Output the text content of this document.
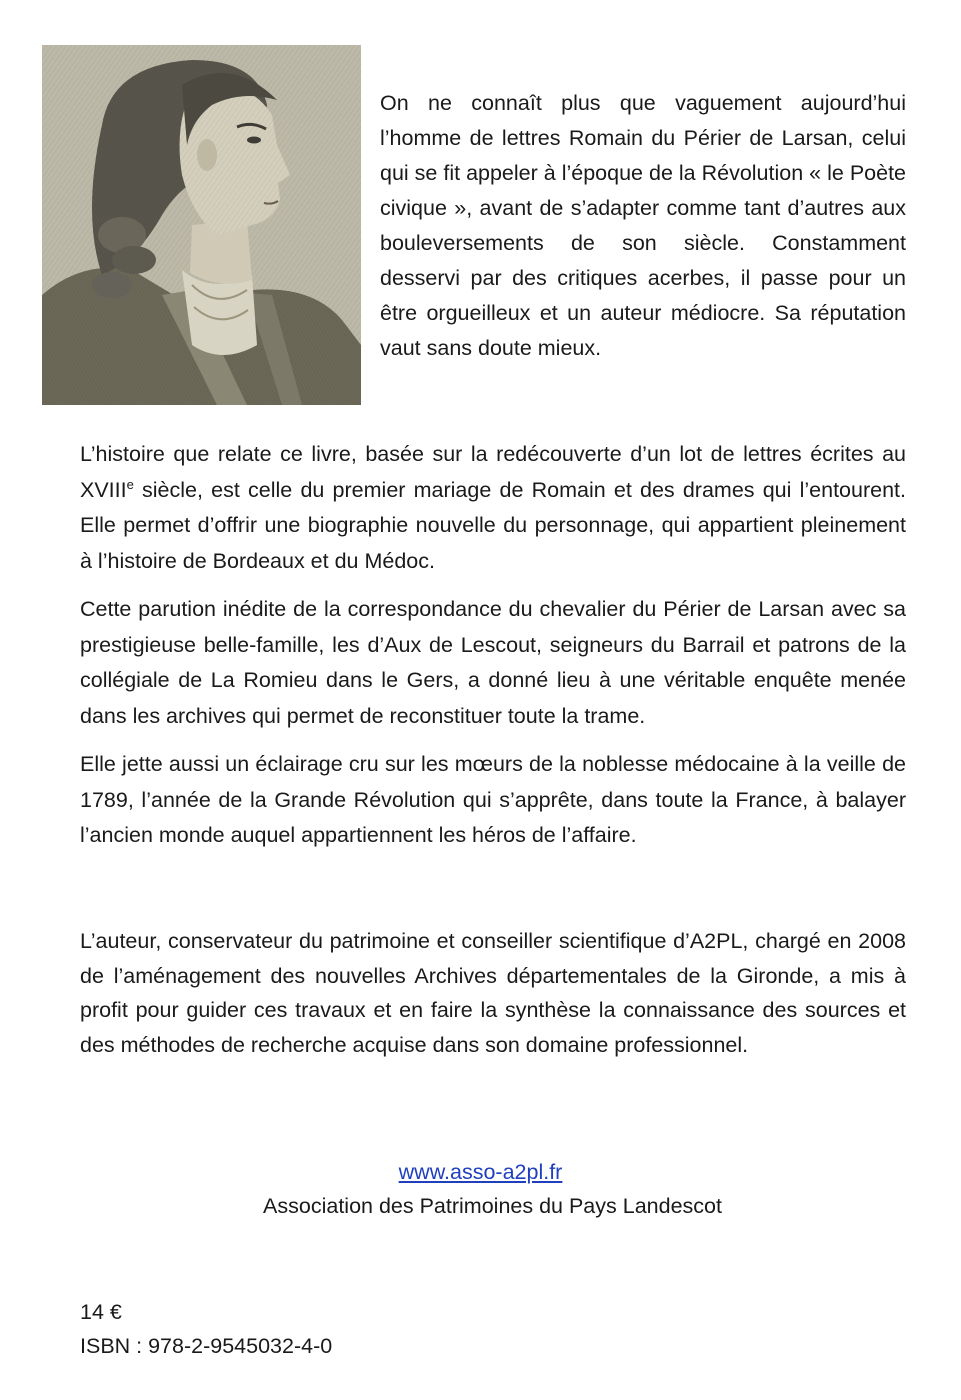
On ne connaît plus que vaguement aujourd’hui l’homme de lettres Romain du Périer de Larsan, celui qui se fit appeler à l’époque de la Révolution « le Poète civique », avant de s’adapter comme tant d’autres aux bouleversements de son siècle. Constamment desservi par des critiques acerbes, il passe pour un être orgueilleux et un auteur médiocre. Sa réputation vaut sans doute mieux.

L’histoire que relate ce livre, basée sur la redécouverte d’un lot de lettres écrites au XVIIIe siècle, est celle du premier mariage de Romain et des drames qui l’entourent. Elle permet d’offrir une biographie nouvelle du personnage, qui appartient pleinement à l’histoire de Bordeaux et du Médoc.

Cette parution inédite de la correspondance du chevalier du Périer de Larsan avec sa prestigieuse belle-famille, les d’Aux de Lescout, seigneurs du Barrail et patrons de la collégiale de La Romieu dans le Gers, a donné lieu à une véritable enquête menée dans les archives qui permet de reconstituer toute la trame.

Elle jette aussi un éclairage cru sur les mœurs de la noblesse médocaine à la veille de 1789, l’année de la Grande Révolution qui s’apprête, dans toute la France, à balayer l’ancien monde auquel appartiennent les héros de l’affaire.

L’auteur, conservateur du patrimoine et conseiller scientifique d’A2PL, chargé en 2008 de l’aménagement des nouvelles Archives départementales de la Gironde, a mis à profit pour guider ces travaux et en faire la synthèse la connaissance des sources et des méthodes de recherche acquise dans son domaine professionnel.

www.asso-a2pl.fr
Association des Patrimoines du Pays Landescot
14 €
ISBN : 978-2-9545032-4-0
